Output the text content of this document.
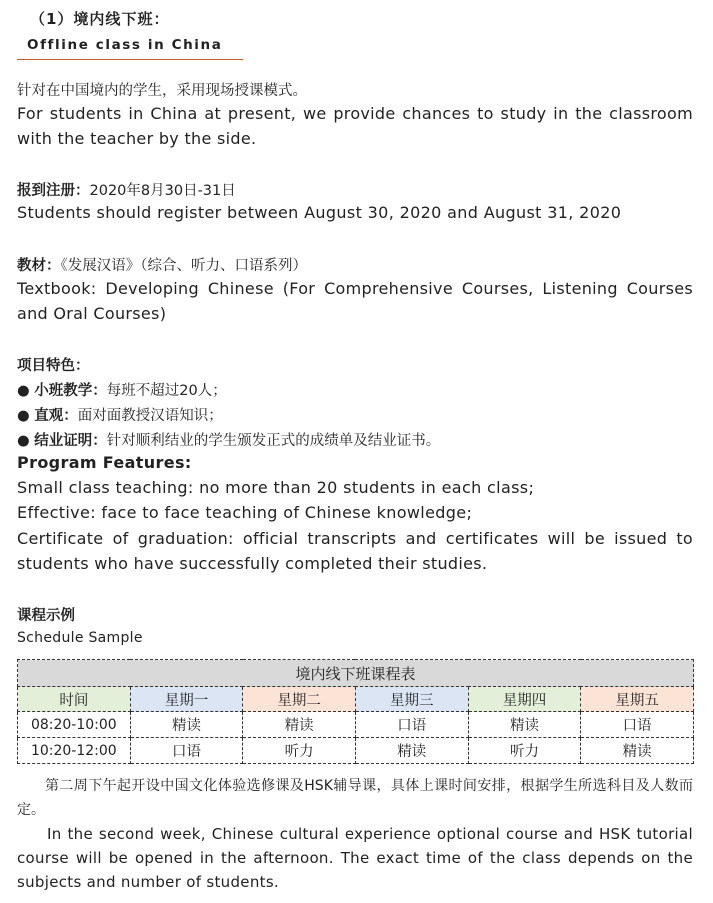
（1）境内线下班：
Offline class in China
针对在中国境内的学生，采用现场授课模式。
For students in China at present, we provide chances to study in the classroom with the teacher by the side.
报到注册：2020年8月30日-31日
Students should register between August 30, 2020 and August 31, 2020
教材：《发展汉语》（综合、听力、口语系列）
Textbook: Developing Chinese (For Comprehensive Courses, Listening Courses and Oral Courses)
项目特色：
● 小班教学：每班不超过20人；
● 直观：面对面教授汉语知识；
● 结业证明：针对顺利结业的学生颁发正式的成绩单及结业证书。
Program Features:
Small class teaching: no more than 20 students in each class;
Effective: face to face teaching of Chinese knowledge;
Certificate of graduation: official transcripts and certificates will be issued to students who have successfully completed their studies.
课程示例
Schedule Sample
境内线下班课程表					
时间	星期一	星期二	星期三	星期四	星期五
08:20-10:00	精读	精读	口语	精读	口语
10:20-12:00	口语	听力	精读	听力	精读
第二周下午起开设中国文化体验选修课及HSK辅导课，具体上课时间安排，根据学生所选科目及人数而定。
In the second week, Chinese cultural experience optional course and HSK tutorial course will be opened in the afternoon. The exact time of the class depends on the subjects and number of students.
